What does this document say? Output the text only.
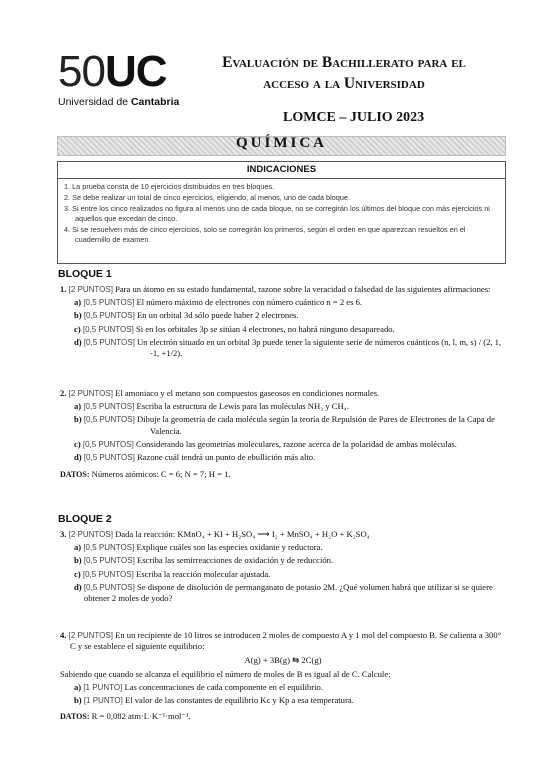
50UC
Universidad de Cantabria
Evaluación de Bachillerato para el
acceso a la Universidad
LOMCE – JULIO 2023
QUÍMICA
INDICACIONES
1. La prueba consta de 10 ejercicios distribuidos en tres bloques.
2. Se debe realizar un total de cinco ejercicios, eligiendo, al menos, uno de cada bloque.
3. Si entre los cinco realizados no figura al menos uno de cada bloque, no se corregirán los últimos del bloque con más ejercicios ni aquellos que excedan de cinco.
4. Si se resuelven más de cinco ejercicios, solo se corregirán los primeros, según el orden en que aparezcan resueltos en el cuadernillo de examen.
BLOQUE 1

1. [2 PUNTOS] Para un átomo en su estado fundamental, razone sobre la veracidad o falsedad de las siguientes afirmaciones:

a) [0,5 PUNTOS] El número máximo de electrones con número cuántico n = 2 es 6.

b) [0,5 PUNTOS] En un orbital 3d sólo puede haber 2 electrones.

c) [0,5 PUNTOS] Si en los orbitales 3p se sitúan 4 electrones, no habrá ninguno desapareado.

d) [0,5 PUNTOS] Un electrón situado en un orbital 3p puede tener la siguiente serie de números cuánticos (n, l, m, s) / (2, 1, -1, +1/2).

2. [2 PUNTOS] El amoniaco y el metano son compuestos gaseosos en condiciones normales.

a) [0,5 PUNTOS] Escriba la estructura de Lewis para las moléculas NH₃ y CH₄.

b) [0,5 PUNTOS] Dibuje la geometría de cada molécula según la teoría de Repulsión de Pares de Electrones de la Capa de Valencia.

c) [0,5 PUNTOS] Considerando las geometrías moleculares, razone acerca de la polaridad de ambas moléculas.

d) [0,5 PUNTOS] Razone cuál tendrá un punto de ebullición más alto.

DATOS: Números atómicos: C = 6; N = 7; H = 1.

BLOQUE 2

3. [2 PUNTOS] Dada la reacción: KMnO₄ + KI + H₂SO₄ ⟶ I₂ + MnSO₄ + H₂O + K₂SO₄

a) [0,5 PUNTOS] Explique cuáles son las especies oxidante y reductora.

b) [0,5 PUNTOS] Escriba las semirreacciones de oxidación y de reducción.

c) [0,5 PUNTOS] Escriba la reacción molecular ajustada.

d) [0,5 PUNTOS] Se dispone de disolución de permanganato de potasio 2M. ¿Qué volumen habrá que utilizar si se quiere obtener 2 moles de yodo?

4. [2 PUNTOS] En un recipiente de 10 litros se introducen 2 moles de compuesto A y 1 mol del compuesto B. Se calienta a 300° C y se establece el siguiente equilibrio:

A(g) + 3B(g) ⇆ 2C(g)

Sabiendo que cuando se alcanza el equilibrio el número de moles de B es igual al de C. Calcule:

a) [1 PUNTO] Las concentraciones de cada componente en el equilibrio.

b) [1 PUNTO] El valor de las constantes de equilibrio Kc y Kp a esa temperatura.

DATOS: R = 0,082 atm·L·K⁻¹·mol⁻¹.
